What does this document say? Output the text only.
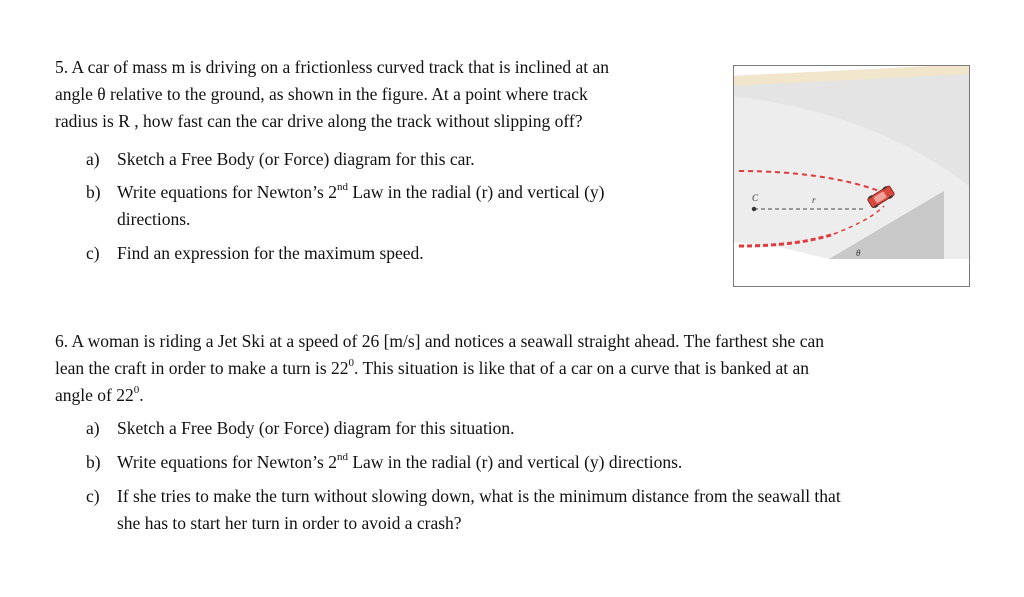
5. A car of mass m is driving on a frictionless curved track that is inclined at an
angle θ relative to the ground, as shown in the figure. At a point where track
radius is R , how fast can the car drive along the track without slipping off?
a) Sketch a Free Body (or Force) diagram for this car.
b) Write equations for Newton’s 2nd Law in the radial (r) and vertical (y)
directions.
c) Find an expression for the maximum speed.
C	r
θ
6. A woman is riding a Jet Ski at a speed of 26 [m/s] and notices a seawall straight ahead. The farthest she can
lean the craft in order to make a turn is $22^0$. This situation is like that of a car on a curve that is banked at an
angle of $22^0$.
a) Sketch a Free Body (or Force) diagram for this situation.
b) Write equations for Newton’s 2nd Law in the radial (r) and vertical (y) directions.
c) If she tries to make the turn without slowing down, what is the minimum distance from the seawall that
she has to start her turn in order to avoid a crash?
